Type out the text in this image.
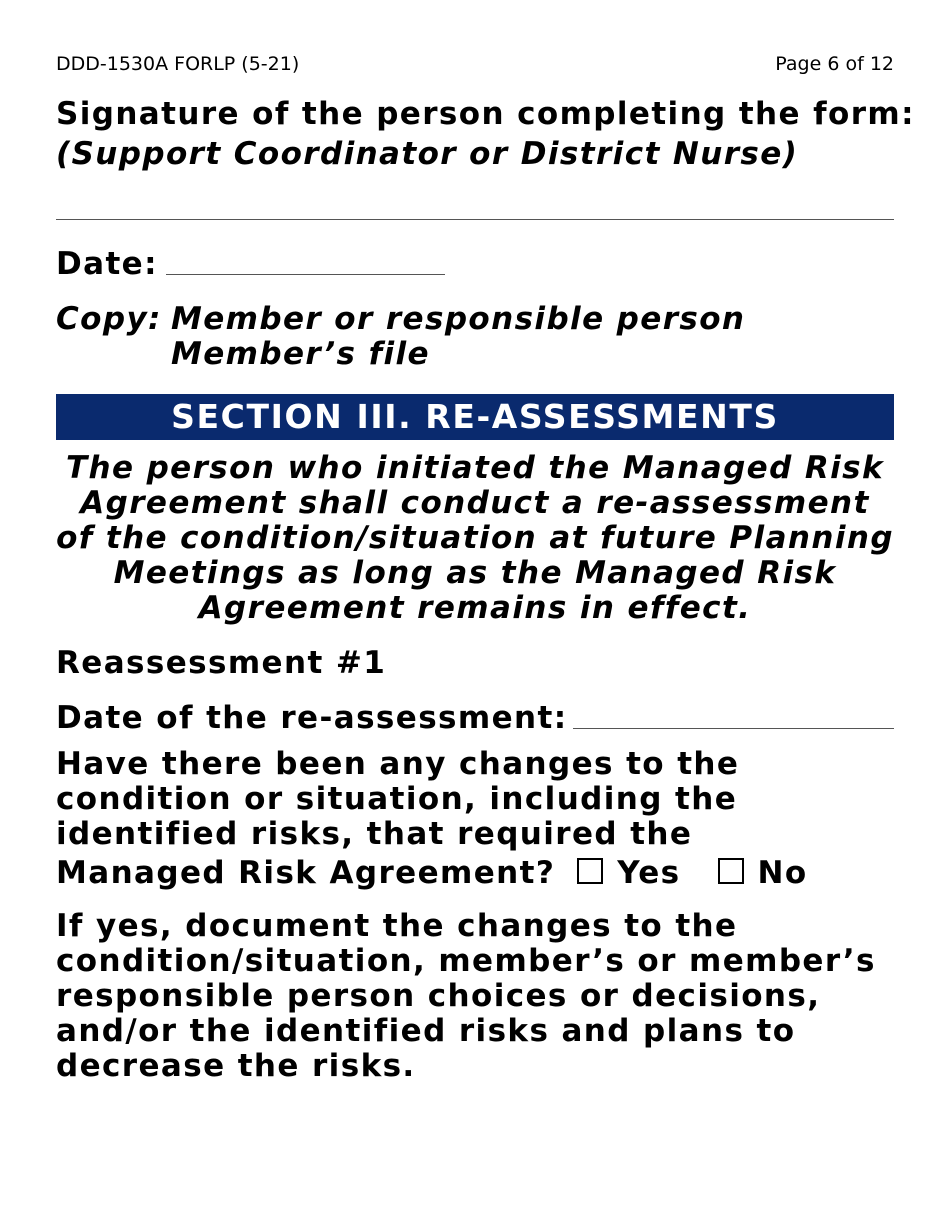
DDD-1530A FORLP (5-21)	Page 6 of 12
Signature of the person completing the form:
(Support Coordinator or District Nurse)
Date:
Copy: Member or responsible person
Member’s file
SECTION III. RE-ASSESSMENTS
The person who initiated the Managed Risk
Agreement shall conduct a re-assessment
of the condition/situation at future Planning
Meetings as long as the Managed Risk
Agreement remains in effect.
Reassessment #1
Date of the re-assessment:
Have there been any changes to the
condition or situation, including the
identified risks, that required the
Managed Risk Agreement? Yes No
If yes, document the changes to the
condition/situation, member’s or member’s
responsible person choices or decisions,
and/or the identified risks and plans to
decrease the risks.
